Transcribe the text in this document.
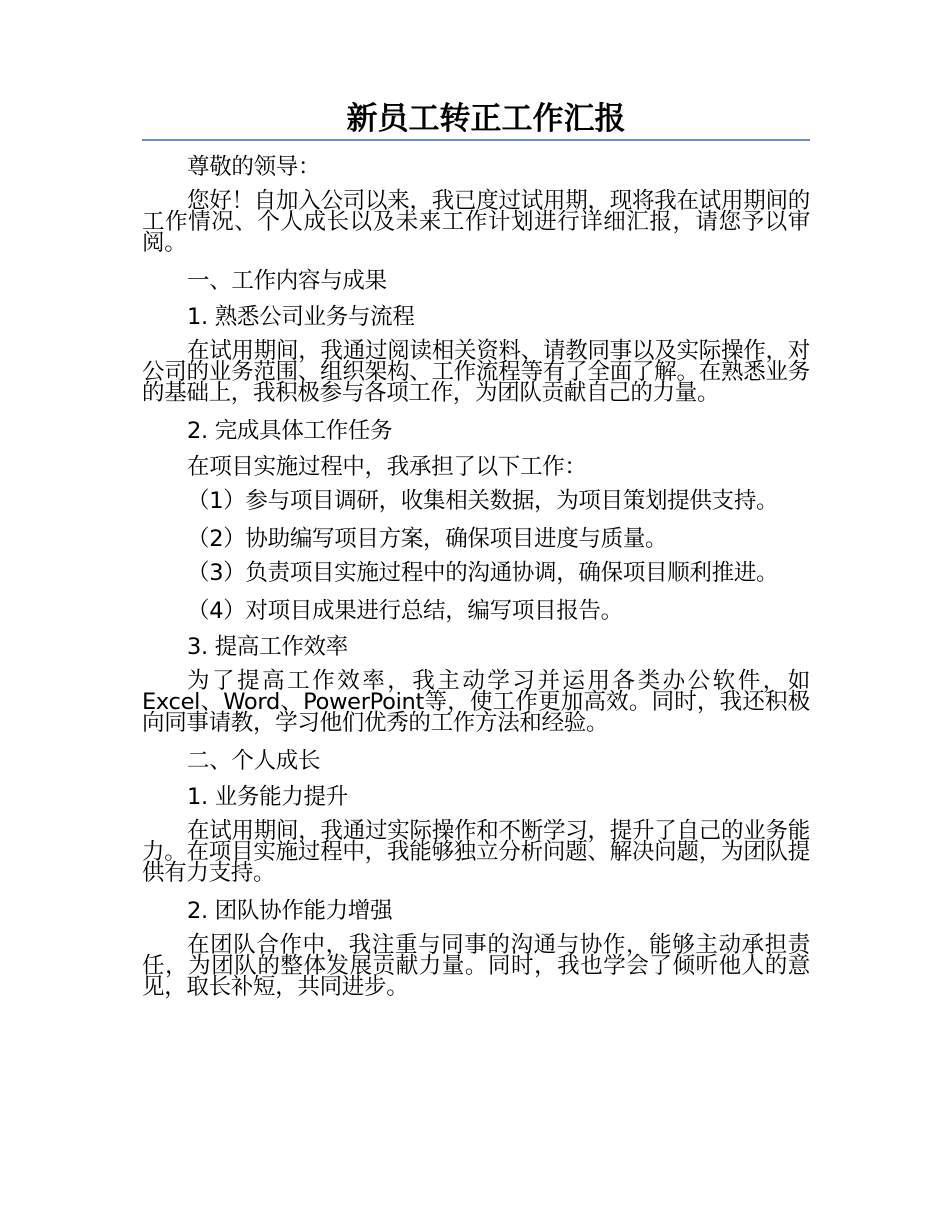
新员工转正工作汇报

尊敬的领导：

您好！自加入公司以来，我已度过试用期，现将我在试用期间的工作情况、个人成长以及未来工作计划进行详细汇报，请您予以审阅。

一、工作内容与成果

1. 熟悉公司业务与流程

在试用期间，我通过阅读相关资料、请教同事以及实际操作，对公司的业务范围、组织架构、工作流程等有了全面了解。在熟悉业务的基础上，我积极参与各项工作，为团队贡献自己的力量。

2. 完成具体工作任务

在项目实施过程中，我承担了以下工作：

（1）参与项目调研，收集相关数据，为项目策划提供支持。

（2）协助编写项目方案，确保项目进度与质量。

（3）负责项目实施过程中的沟通协调，确保项目顺利推进。

（4）对项目成果进行总结，编写项目报告。

3. 提高工作效率

为了提高工作效率，我主动学习并运用各类办公软件，如Excel、Word、PowerPoint等，使工作更加高效。同时，我还积极向同事请教，学习他们优秀的工作方法和经验。

二、个人成长

1. 业务能力提升

在试用期间，我通过实际操作和不断学习，提升了自己的业务能力。在项目实施过程中，我能够独立分析问题、解决问题，为团队提供有力支持。

2. 团队协作能力增强

在团队合作中，我注重与同事的沟通与协作，能够主动承担责任，为团队的整体发展贡献力量。同时，我也学会了倾听他人的意见，取长补短，共同进步。
